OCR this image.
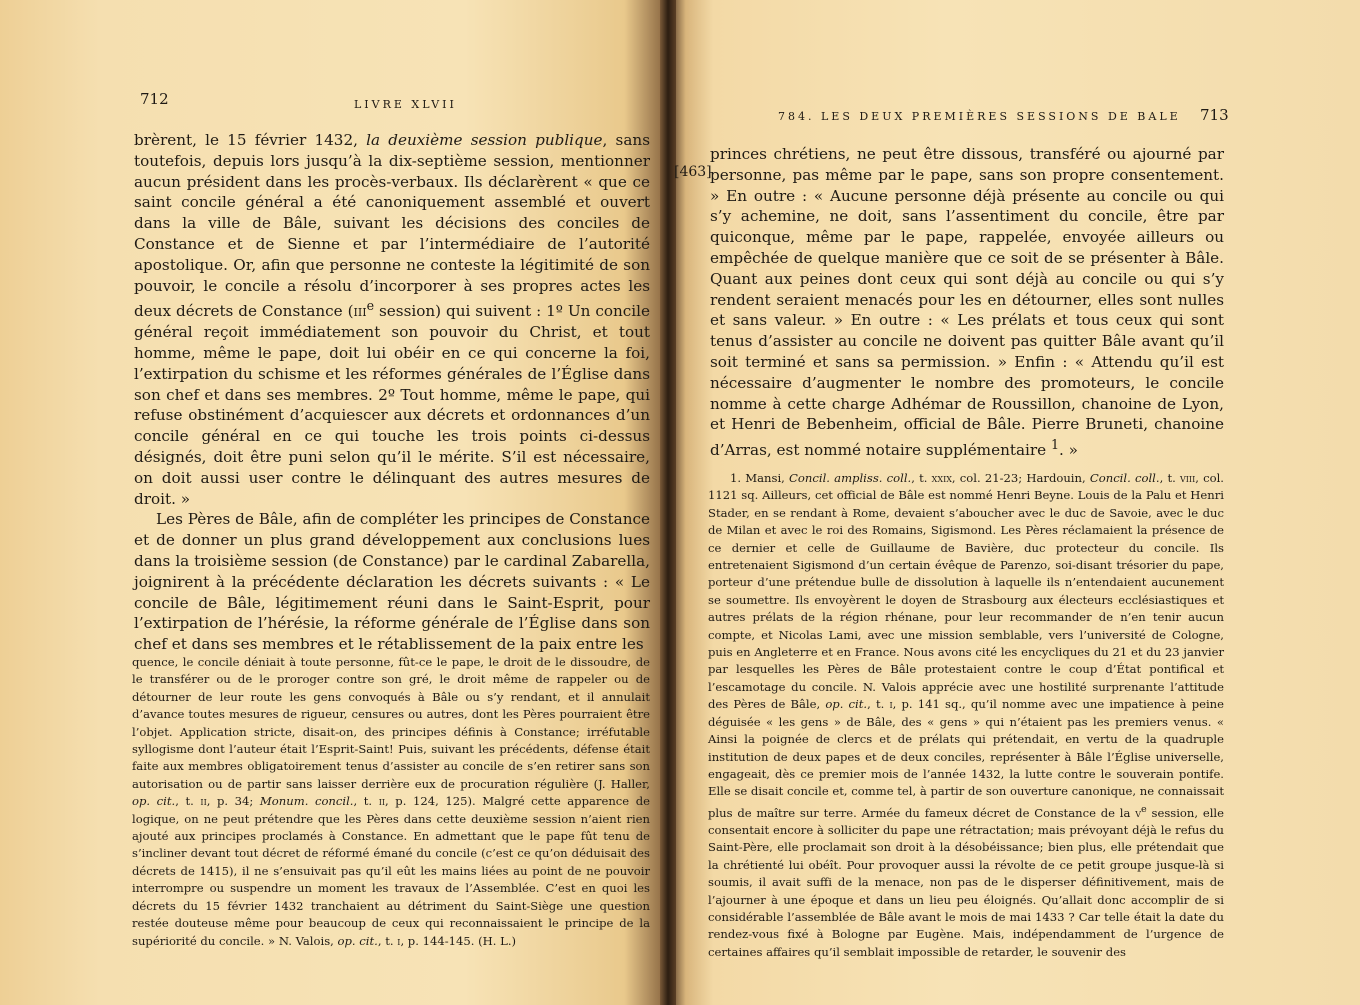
712	LIVRE XLVII

brèrent, le 15 février 1432, la deuxième session publique, sans toutefois, depuis lors jusqu’à la dix-septième session, mentionner aucun président dans les procès-verbaux. Ils déclarèrent « que ce saint concile général a été canoniquement assemblé et ouvert dans la ville de Bâle, suivant les décisions des conciles de Constance et de Sienne et par l’intermédiaire de l’autorité apostolique. Or, afin que personne ne conteste la légitimité de son pouvoir, le concile a résolu d’incorporer à ses propres actes les deux décrets de Constance (iii$^e$ session) qui suivent : 1º Un concile général reçoit immédiatement son pouvoir du Christ, et tout homme, même le pape, doit lui obéir en ce qui concerne la foi, l’extirpation du schisme et les réformes générales de l’Église dans son chef et dans ses membres. 2º Tout homme, même le pape, qui refuse obstinément d’acquiescer aux décrets et ordonnances d’un concile général en ce qui touche les trois points ci-dessus désignés, doit être puni selon qu’il le mérite. S’il est nécessaire, on doit aussi user contre le délinquant des autres mesures de droit. »

Les Pères de Bâle, afin de compléter les principes de Constance et de donner un plus grand développement aux conclusions lues dans la troisième session (de Constance) par le cardinal Zabarella, joignirent à la précédente déclaration les décrets suivants : « Le concile de Bâle, légitimement réuni dans le Saint-Esprit, pour l’extirpation de l’hérésie, la réforme générale de l’Église dans son chef et dans ses membres et le rétablissement de la paix entre les

quence, le concile déniait à toute personne, fût-ce le pape, le droit de le dissoudre, de le transférer ou de le proroger contre son gré, le droit même de rappeler ou de détourner de leur route les gens convoqués à Bâle ou s’y rendant, et il annulait d’avance toutes mesures de rigueur, censures ou autres, dont les Pères pourraient être l’objet. Application stricte, disait-on, des principes définis à Constance; irréfutable syllogisme dont l’auteur était l’Esprit-Saint! Puis, suivant les précédents, défense était faite aux membres obligatoirement tenus d’assister au concile de s’en retirer sans son autorisation ou de partir sans laisser derrière eux de procuration régulière (J. Haller, op. cit., t. ii, p. 34; Monum. concil., t. ii, p. 124, 125). Malgré cette apparence de logique, on ne peut prétendre que les Pères dans cette deuxième session n’aient rien ajouté aux principes proclamés à Constance. En admettant que le pape fût tenu de s’incliner devant tout décret de réformé émané du concile (c’est ce qu’on déduisait des décrets de 1415), il ne s’ensuivait pas qu’il eût les mains liées au point de ne pouvoir interrompre ou suspendre un moment les travaux de l’Assemblée. C’est en quoi les décrets du 15 février 1432 tranchaient au détriment du Saint-Siège une question restée douteuse même pour beaucoup de ceux qui reconnaissaient le principe de la supériorité du concile. » N. Valois, op. cit., t. i, p. 144-145. (H. L.)

784. LES DEUX PREMIÈRES SESSIONS DE BALE 713

princes chrétiens, ne peut être dissous, transféré ou ajourné par personne, pas même par le pape, sans son propre consentement. » En outre : « Aucune personne déjà présente au concile ou qui s’y achemine, ne doit, sans l’assentiment du concile, être par quiconque, même par le pape, rappelée, envoyée ailleurs ou empêchée de quelque manière que ce soit de se présenter à Bâle. Quant aux peines dont ceux qui sont déjà au concile ou qui s’y rendent seraient menacés pour les en détourner, elles sont nulles et sans valeur. » En outre : « Les prélats et tous ceux qui sont tenus d’assister au concile ne doivent pas quitter Bâle avant qu’il soit terminé et sans sa permission. » Enfin : « Attendu qu’il est nécessaire d’augmenter le nombre des promoteurs, le concile nomme à cette charge Adhémar de Roussillon, chanoine de Lyon, et Henri de Bebenheim, official de Bâle. Pierre Bruneti, chanoine d’Arras, est nommé notaire supplémentaire $^1$. »

1. Mansi, Concil. ampliss. coll., t. xxix, col. 21-23; Hardouin, Concil. coll., t. viii, col. 1121 sq. Ailleurs, cet official de Bâle est nommé Henri Beyne. Louis de la Palu et Henri Stader, en se rendant à Rome, devaient s’aboucher avec le duc de Savoie, avec le duc de Milan et avec le roi des Romains, Sigismond. Les Pères réclamaient la présence de ce dernier et celle de Guillaume de Bavière, duc protecteur du concile. Ils entretenaient Sigismond d’un certain évêque de Parenzo, soi-disant trésorier du pape, porteur d’une prétendue bulle de dissolution à laquelle ils n’entendaient aucunement se soumettre. Ils envoyèrent le doyen de Strasbourg aux électeurs ecclésiastiques et autres prélats de la région rhénane, pour leur recommander de n’en tenir aucun compte, et Nicolas Lami, avec une mission semblable, vers l’université de Cologne, puis en Angleterre et en France. Nous avons cité les encycliques du 21 et du 23 janvier par lesquelles les Pères de Bâle protestaient contre le coup d’État pontifical et l’escamotage du concile. N. Valois apprécie avec une hostilité surprenante l’attitude des Pères de Bâle, op. cit., t. i, p. 141 sq., qu’il nomme avec une impatience à peine déguisée « les gens » de Bâle, des « gens » qui n’étaient pas les premiers venus. « Ainsi la poignée de clercs et de prélats qui prétendait, en vertu de la quadruple institution de deux papes et de deux conciles, représenter à Bâle l’Église universelle, engageait, dès ce premier mois de l’année 1432, la lutte contre le souverain pontife. Elle se disait concile et, comme tel, à partir de son ouverture canonique, ne connaissait plus de maître sur terre. Armée du fameux décret de Constance de la $v^e$ session, elle consentait encore à solliciter du pape une rétractation; mais prévoyant déjà le refus du Saint-Père, elle proclamait son droit à la désobéissance; bien plus, elle prétendait que la chrétienté lui obéît. Pour provoquer aussi la révolte de ce petit groupe jusque-là si soumis, il avait suffi de la menace, non pas de le disperser définitivement, mais de l’ajourner à une époque et dans un lieu peu éloignés. Qu’allait donc accomplir de si considérable l’assemblée de Bâle avant le mois de mai 1433 ? Car telle était la date du rendez-vous fixé à Bologne par Eugène. Mais, indépendamment de l’urgence de certaines affaires qu’il semblait impossible de retarder, le souvenir des

[463]
